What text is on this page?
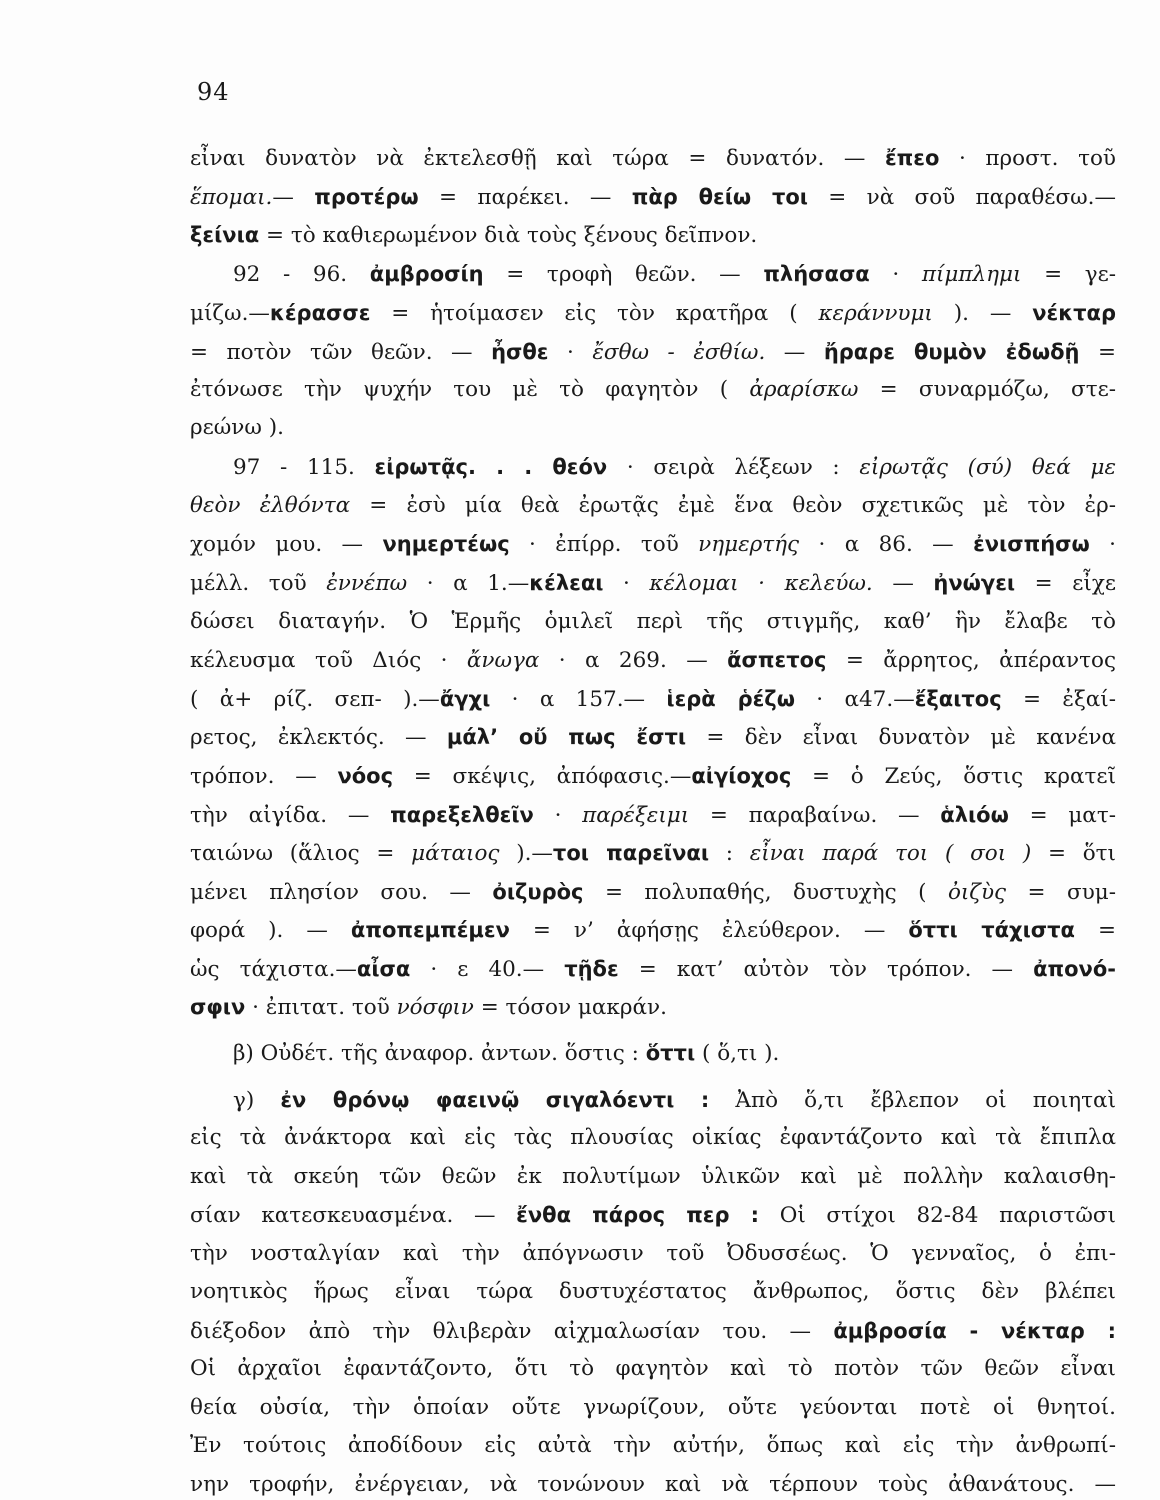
94
εἶναι δυνατὸν νὰ ἐκτελεσθῇ καὶ τώρα = δυνατόν. — ἔπεο · προστ. τοῦ
ἕπομαι.— προτέρω = παρέκει. — πὰρ θείω τοι = νὰ σοῦ παραθέσω.—
ξείνια = τὸ καθιερωμένον διὰ τοὺς ξένους δεῖπνον.
  92 - 96. ἀμβροσίη = τροφὴ θεῶν. — πλήσασα · πίμπλημι = γε-
μίζω.—κέρασσε = ἡτοίμασεν εἰς τὸν κρατῆρα ( κεράννυμι ). — νέκταρ
= ποτὸν τῶν θεῶν. — ἦσθε · ἔσθω - ἐσθίω. — ἤραρε θυμὸν ἐδωδῇ =
ἐτόνωσε τὴν ψυχήν του μὲ τὸ φαγητὸν ( ἀραρίσκω = συναρμόζω, στε-
ρεώνω ).
  97 - 115. εἰρωτᾷς. . . θεόν · σειρὰ λέξεων : εἰρωτᾷς (σύ) θεά με
θεὸν ἐλθόντα = ἐσὺ μία θεὰ ἐρωτᾷς ἐμὲ ἕνα θεὸν σχετικῶς μὲ τὸν ἐρ-
χομόν μου. — νημερτέως · ἐπίρρ. τοῦ νημερτής · α 86. — ἐνισπήσω ·
μέλλ. τοῦ ἐννέπω · α 1.—κέλεαι · κέλομαι · κελεύω. — ἠνώγει = εἶχε
δώσει διαταγήν. Ὁ Ἑρμῆς ὁμιλεῖ περὶ τῆς στιγμῆς, καθ’ ἣν ἔλαβε τὸ
κέλευσμα τοῦ Διός · ἄνωγα · α 269. — ἄσπετος = ἄρρητος, ἀπέραντος
( ἀ+ ρίζ. σεπ- ).—ἄγχι · α 157.— ἱερὰ ῥέζω · α47.—ἔξαιτος = ἐξαί-
ρετος, ἐκλεκτός. — μάλ’ οὔ πως ἔστι = δὲν εἶναι δυνατὸν μὲ κανένα
τρόπον. — νόος = σκέψις, ἀπόφασις.—αἰγίοχος = ὁ Ζεύς, ὅστις κρατεῖ
τὴν αἰγίδα. — παρεξελθεῖν · παρέξειμι = παραβαίνω. — ἁλιόω = ματ-
ταιώνω (ἅλιος = μάταιος ).—τοι παρεῖναι : εἶναι παρά τοι ( σοι ) = ὅτι
μένει πλησίον σου. — ὀιζυρὸς = πολυπαθής, δυστυχὴς ( ὀιζὺς = συμ-
φορά ). — ἀποπεμπέμεν = ν’ ἀφήσῃς ἐλεύθερον. — ὅττι τάχιστα =
ὡς τάχιστα.—αἶσα · ε 40.— τῇδε = κατ’ αὐτὸν τὸν τρόπον. — ἀπονό-
σφιν · ἐπιτατ. τοῦ νόσφιν = τόσον μακράν.
  β) Οὐδέτ. τῆς ἀναφορ. ἀντων. ὅστις : ὅττι ( ὅ,τι ).
  γ) ἐν θρόνῳ φαεινῷ σιγαλόεντι : Ἀπὸ ὅ,τι ἔβλεπον οἱ ποιηταὶ
εἰς τὰ ἀνάκτορα καὶ εἰς τὰς πλουσίας οἰκίας ἐφαντάζοντο καὶ τὰ ἔπιπλα
καὶ τὰ σκεύη τῶν θεῶν ἐκ πολυτίμων ὑλικῶν καὶ μὲ πολλὴν καλαισθη-
σίαν κατεσκευασμένα. — ἔνθα πάρος περ : Οἱ στίχοι 82-84 παριστῶσι
τὴν νοσταλγίαν καὶ τὴν ἀπόγνωσιν τοῦ Ὀδυσσέως. Ὁ γενναῖος, ὁ ἐπι-
νοητικὸς ἥρως εἶναι τώρα δυστυχέστατος ἄνθρωπος, ὅστις δὲν βλέπει
διέξοδον ἀπὸ τὴν θλιβερὰν αἰχμαλωσίαν του. — ἀμβροσία - νέκταρ :
Οἱ ἀρχαῖοι ἐφαντάζοντο, ὅτι τὸ φαγητὸν καὶ τὸ ποτὸν τῶν θεῶν εἶναι
θεία οὐσία, τὴν ὁποίαν οὔτε γνωρίζουν, οὔτε γεύονται ποτὲ οἱ θνητοί.
Ἐν τούτοις ἀποδίδουν εἰς αὐτὰ τὴν αὐτήν, ὅπως καὶ εἰς τὴν ἀνθρωπί-
νην τροφήν, ἐνέργειαν, νὰ τονώνουν καὶ νὰ τέρπουν τοὺς ἀθανάτους. —
